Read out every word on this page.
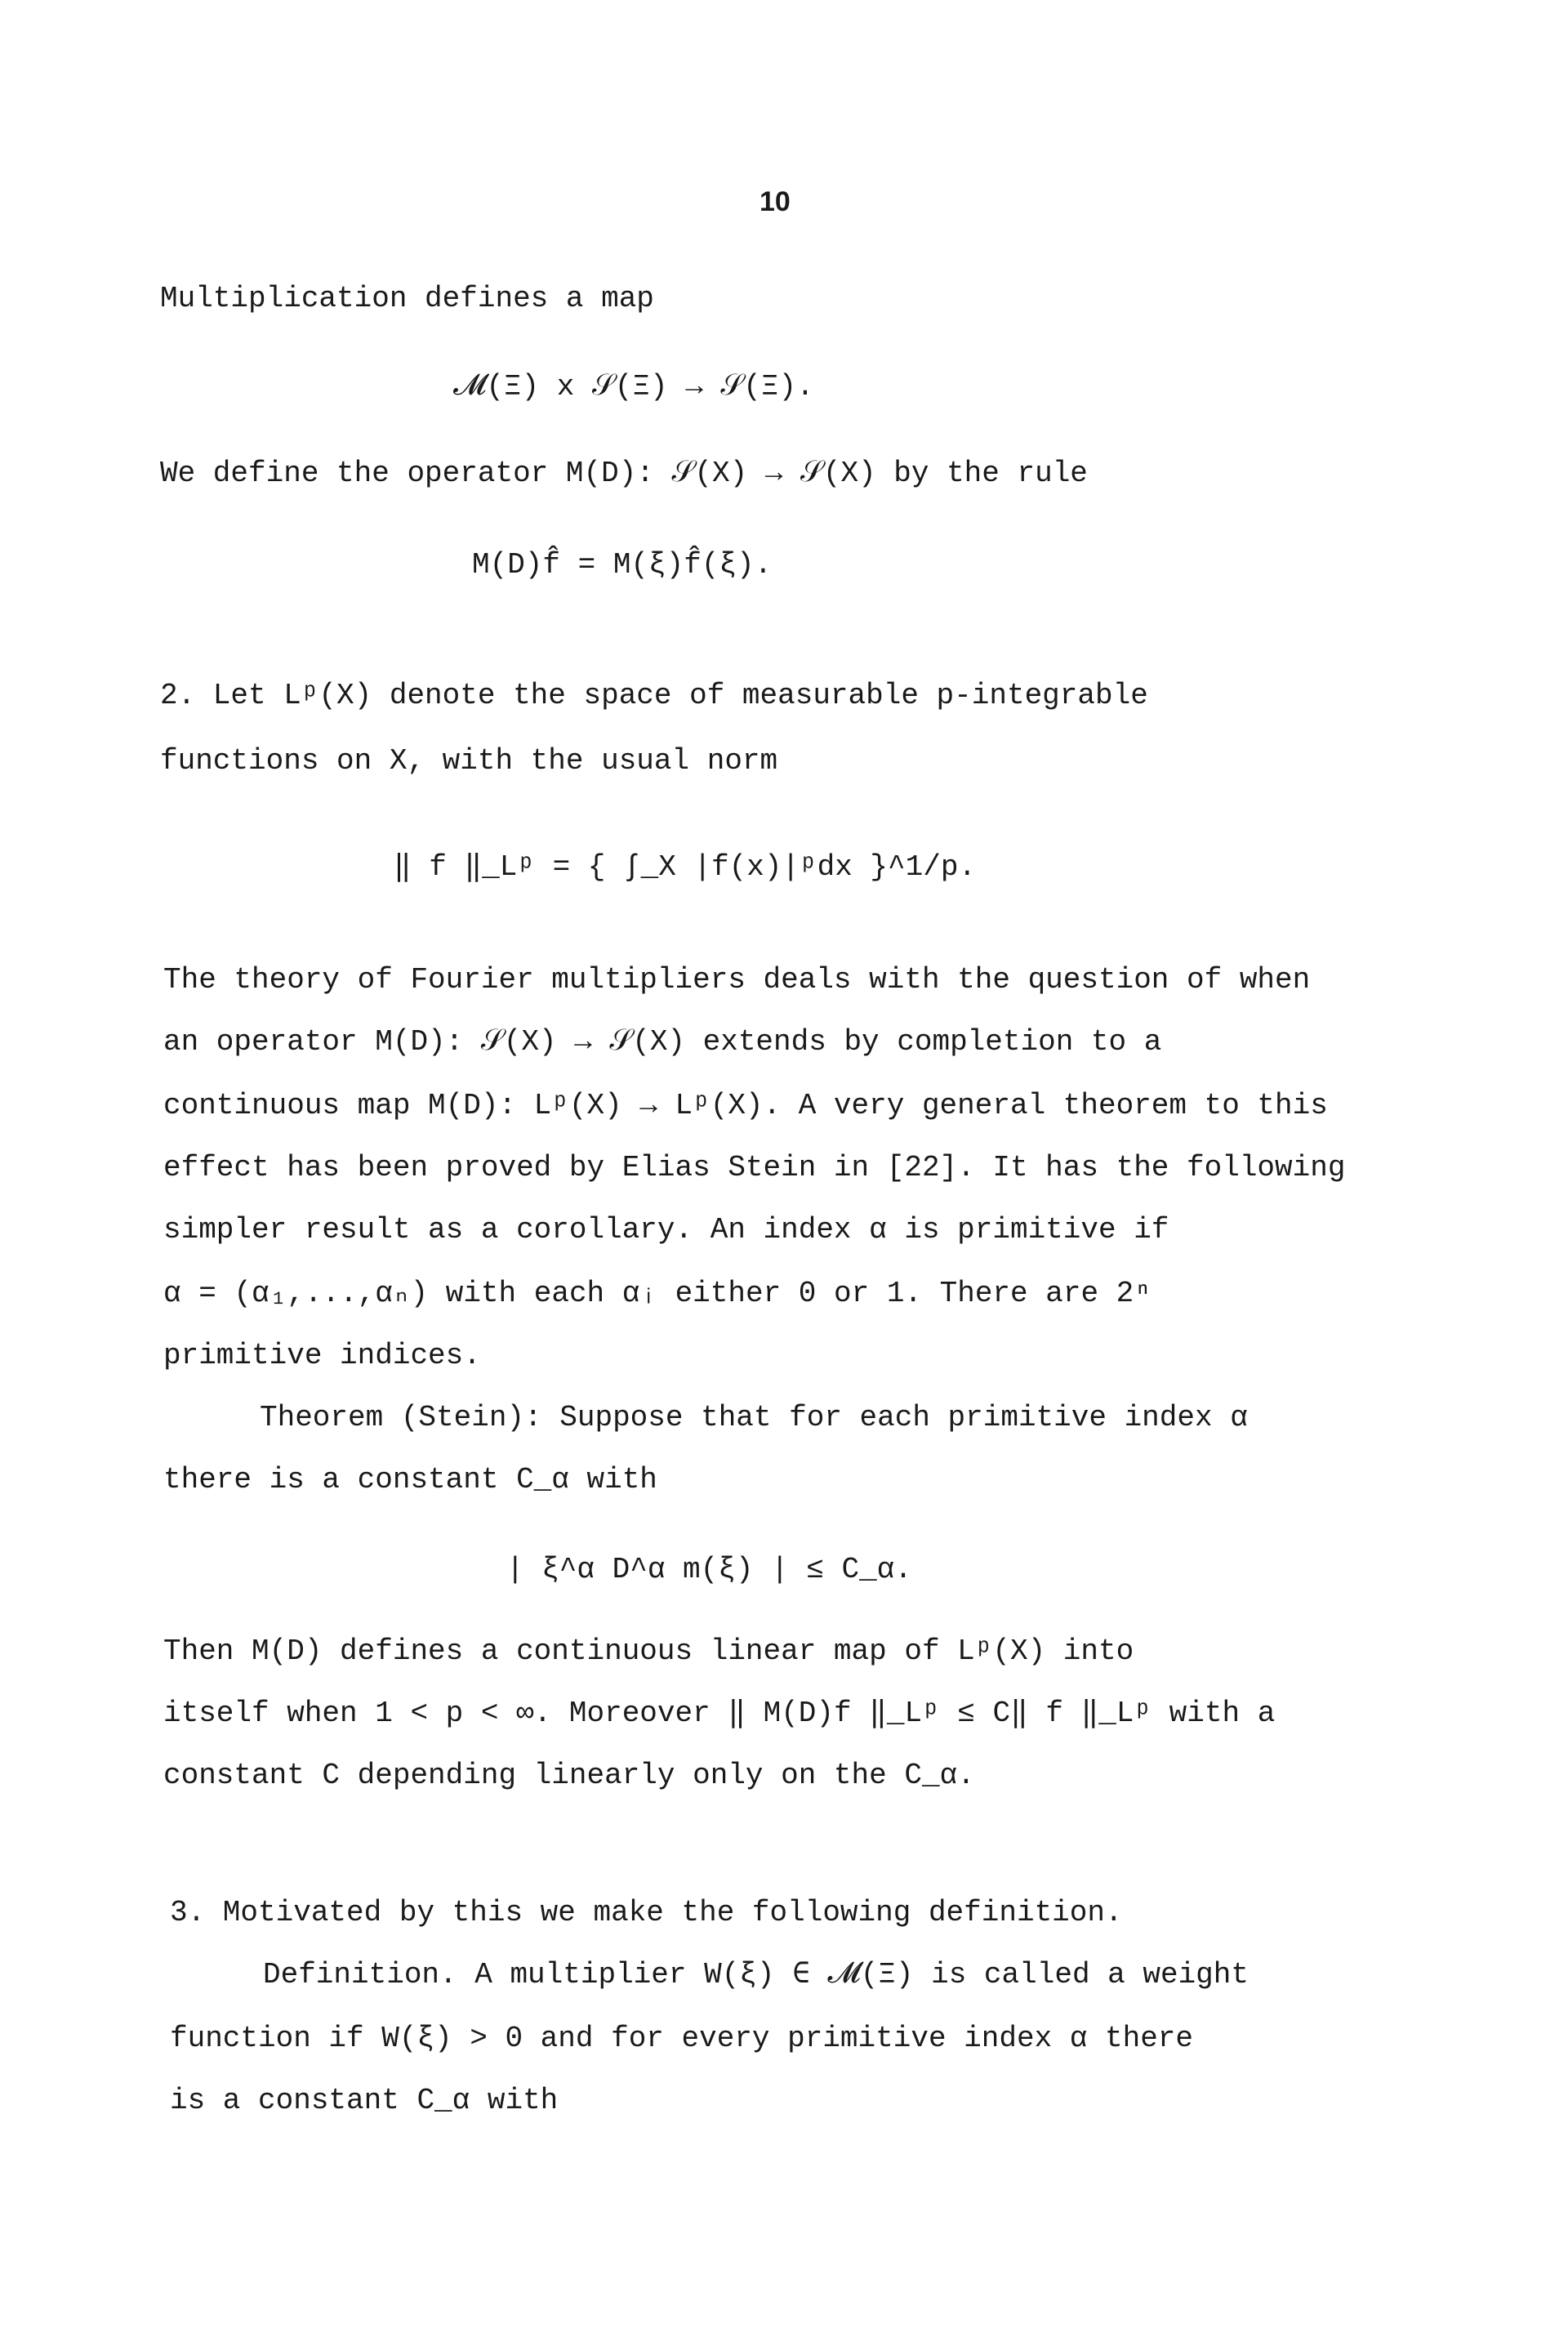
10
Multiplication defines a map
𝓜(Ξ) x 𝒮(Ξ) → 𝒮(Ξ).
We define the operator M(D): 𝒮(X) → 𝒮(X) by the rule
M(D)f̂ = M(ξ)f̂(ξ).
2. Let Lᵖ(X) denote the space of measurable p-integrable
functions on X, with the usual norm
‖ f ‖_Lᵖ = { ∫_X |f(x)|ᵖdx }^1/p.
The theory of Fourier multipliers deals with the question of when
an operator M(D): 𝒮(X) → 𝒮(X) extends by completion to a
continuous map M(D): Lᵖ(X) → Lᵖ(X). A very general theorem to this
effect has been proved by Elias Stein in [22]. It has the following
simpler result as a corollary. An index α is primitive if
α = (α₁,...,αₙ) with each αᵢ either 0 or 1. There are 2ⁿ
primitive indices.
Theorem (Stein): Suppose that for each primitive index α
there is a constant C_α with
| ξ^α D^α m(ξ) | ≤ C_α.
Then M(D) defines a continuous linear map of Lᵖ(X) into
itself when 1 < p < ∞. Moreover ‖ M(D)f ‖_Lᵖ ≤ C‖ f ‖_Lᵖ with a
constant C depending linearly only on the C_α.
3. Motivated by this we make the following definition.
Definition. A multiplier W(ξ) ∈ 𝓜(Ξ) is called a weight
function if W(ξ) > 0 and for every primitive index α there
is a constant C_α with
